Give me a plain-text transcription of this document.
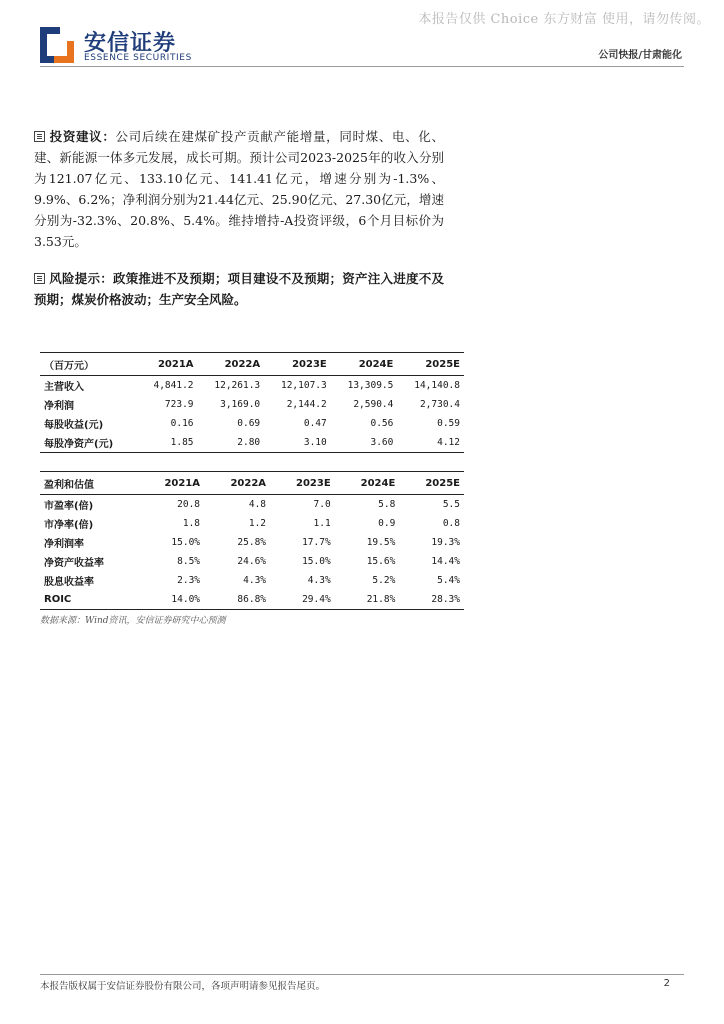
本报告仅供 Choice 东方财富 使用，请勿传阅。
安信证券
ESSENCE SECURITIES	公司快报/甘肃能化
投资建议：公司后续在建煤矿投产贡献产能增量，同时煤、电、化、建、新能源一体多元发展，成长可期。预计公司2023-2025年的收入分别为121.07亿元、133.10亿元、141.41亿元，增速分别为-1.3%、9.9%、6.2%；净利润分别为21.44亿元、25.90亿元、27.30亿元，增速分别为-32.3%、20.8%、5.4%。维持增持-A投资评级，6个月目标价为3.53元。
风险提示：政策推进不及预期；项目建设不及预期；资产注入进度不及预期；煤炭价格波动；生产安全风险。
（百万元）	2021A	2022A	2023E	2024E	2025E
主营收入	4,841.2	12,261.3	12,107.3	13,309.5	14,140.8
净利润	723.9	3,169.0	2,144.2	2,590.4	2,730.4
每股收益(元)	0.16	0.69	0.47	0.56	0.59
每股净资产(元)	1.85	2.80	3.10	3.60	4.12
盈利和估值	2021A	2022A	2023E	2024E	2025E
市盈率(倍)	20.8	4.8	7.0	5.8	5.5
市净率(倍)	1.8	1.2	1.1	0.9	0.8
净利润率	15.0%	25.8%	17.7%	19.5%	19.3%
净资产收益率	8.5%	24.6%	15.0%	15.6%	14.4%
股息收益率	2.3%	4.3%	4.3%	5.2%	5.4%
ROIC	14.0%	86.8%	29.4%	21.8%	28.3%
数据来源：Wind资讯，安信证券研究中心预测
本报告版权属于安信证券股份有限公司，各项声明请参见报告尾页。	2
